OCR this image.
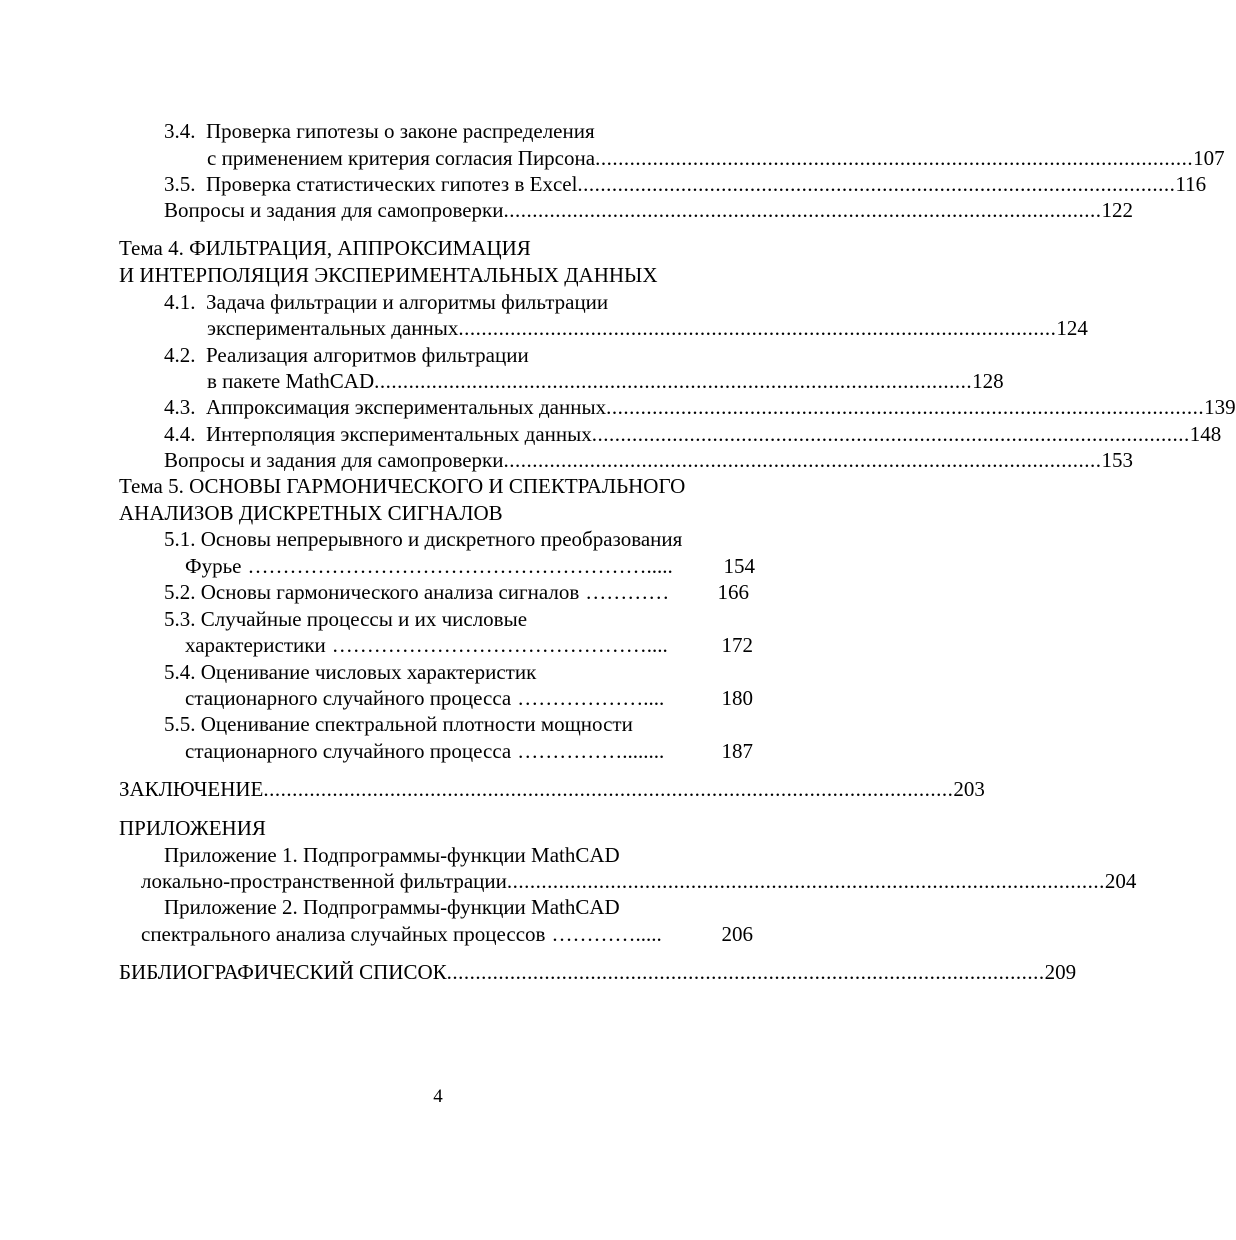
3.4. Проверка гипотезы о законе распределения
с применением критерия согласия Пирсона ........................................................................................................ 107
3.5. Проверка статистических гипотез в Excel ........................................................................................................ 116
Вопросы и задания для самопроверки ........................................................................................................ 122
Тема 4. ФИЛЬТРАЦИЯ, АППРОКСИМАЦИЯ
И ИНТЕРПОЛЯЦИЯ ЭКСПЕРИМЕНТАЛЬНЫХ ДАННЫХ
4.1. Задача фильтрации и алгоритмы фильтрации
экспериментальных данных ........................................................................................................ 124
4.2. Реализация алгоритмов фильтрации
в пакете MathCAD ........................................................................................................ 128
4.3. Аппроксимация экспериментальных данных ........................................................................................................ 139
4.4. Интерполяция экспериментальных данных ........................................................................................................ 148
Вопросы и задания для самопроверки ........................................................................................................ 153
Тема 5. ОСНОВЫ ГАРМОНИЧЕСКОГО И СПЕКТРАЛЬНОГО
АНАЛИЗОВ ДИСКРЕТНЫХ СИГНАЛОВ
5.1. Основы непрерывного и дискретного преобразования
Фурье …………………………………………………..... 154
5.2. Основы гармонического анализа сигналов ………… 166
5.3. Случайные процессы и их числовые
характеристики ………………………………………....	172
5.4. Оценивание числовых характеристик
стационарного случайного процесса ………………....	180
5.5. Оценивание спектральной плотности мощности
стационарного случайного процесса ……………........	187
ЗАКЛЮЧЕНИЕ ........................................................................................................................ 203
ПРИЛОЖЕНИЯ
Приложение 1. Подпрограммы-функции MathCAD
локально-пространственной фильтрации ........................................................................................................ 204
Приложение 2. Подпрограммы-функции MathCAD
спектрального анализа случайных процессов ………….....	206
БИБЛИОГРАФИЧЕСКИЙ СПИСОК ........................................................................................................ 209
4
